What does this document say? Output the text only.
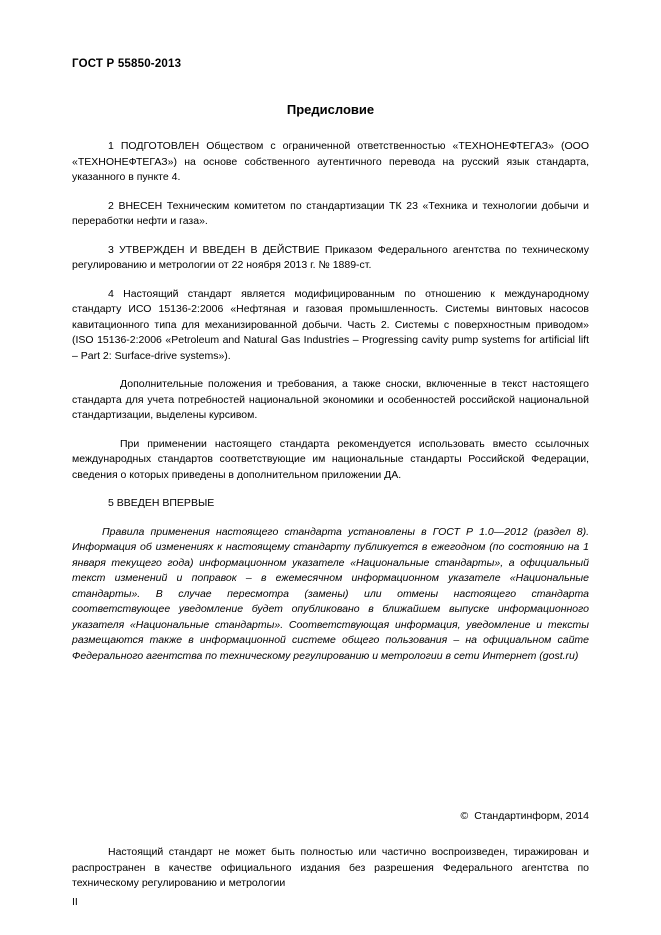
ГОСТ Р 55850-2013
Предисловие

1 ПОДГОТОВЛЕН Обществом с ограниченной ответственностью «ТЕХНОНЕФТЕГАЗ» (ООО «ТЕХНОНЕФТЕГАЗ») на основе собственного аутентичного перевода на русский язык стандарта, указанного в пункте 4.

2 ВНЕСЕН Техническим комитетом по стандартизации ТК 23 «Техника и технологии добычи и переработки нефти и газа».

3 УТВЕРЖДЕН И ВВЕДЕН В ДЕЙСТВИЕ Приказом Федерального агентства по техническому регулированию и метрологии от 22 ноября 2013 г. № 1889-ст.

4 Настоящий стандарт является модифицированным по отношению к международному стандарту ИСО 15136-2:2006 «Нефтяная и газовая промышленность. Системы винтовых насосов кавитационного типа для механизированной добычи. Часть 2. Системы с поверхностным приводом» (ISO 15136-2:2006 «Petroleum and Natural Gas Industries – Progressing cavity pump systems for artificial lift – Part 2: Surface-drive systems»).

Дополнительные положения и требования, а также сноски, включенные в текст настоящего стандарта для учета потребностей национальной экономики и особенностей российской национальной стандартизации, выделены курсивом.

При применении настоящего стандарта рекомендуется использовать вместо ссылочных международных стандартов соответствующие им национальные стандарты Российской Федерации, сведения о которых приведены в дополнительном приложении ДА.

5 ВВЕДЕН ВПЕРВЫЕ

Правила применения настоящего стандарта установлены в ГОСТ Р 1.0—2012 (раздел 8). Информация об изменениях к настоящему стандарту публикуется в ежегодном (по состоянию на 1 января текущего года) информационном указателе «Национальные стандарты», а официальный текст изменений и поправок – в ежемесячном информационном указателе «Национальные стандарты». В случае пересмотра (замены) или отмены настоящего стандарта соответствующее уведомление будет опубликовано в ближайшем выпуске информационного указателя «Национальные стандарты». Соответствующая информация, уведомление и тексты размещаются также в информационной системе общего пользования – на официальном сайте Федерального агентства по техническому регулированию и метрологии в сети Интернет (gost.ru)

© Стандартинформ, 2014
Настоящий стандарт не может быть полностью или частично воспроизведен, тиражирован и распространен в качестве официального издания без разрешения Федерального агентства по техническому регулированию и метрологии
II
